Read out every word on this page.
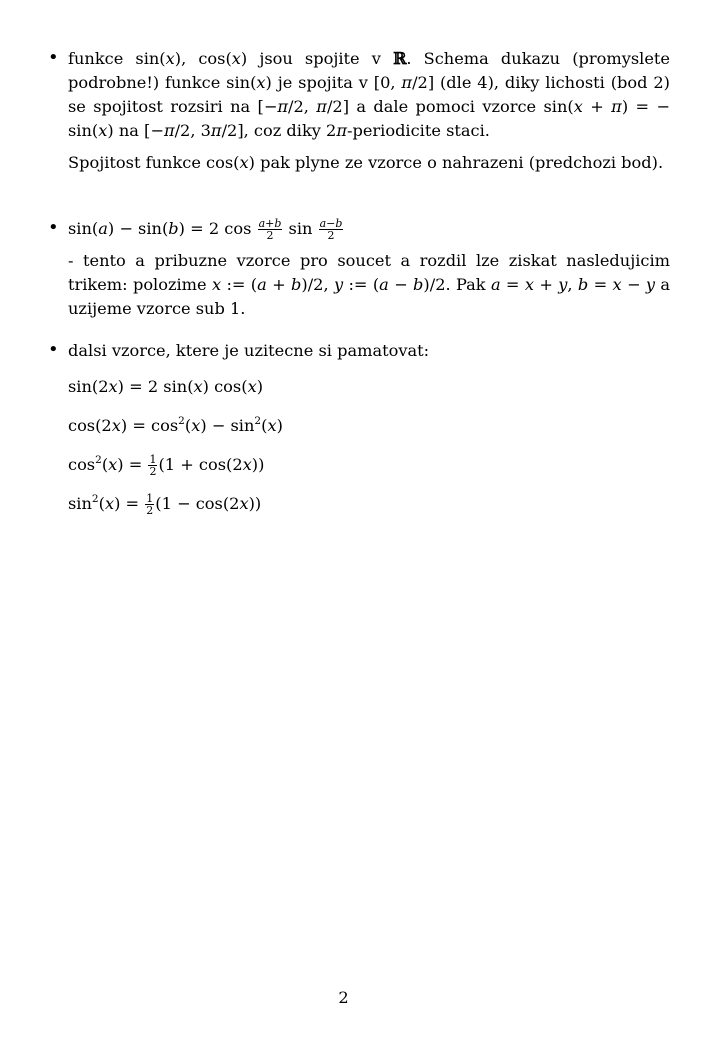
• funkce sin(x), cos(x) jsou spojite v ℝ. Schema dukazu (promyslete podrobne!) funkce sin(x) je spojita v [0, π/2] (dle 4), diky lichosti (bod 2) se spojitost rozsiri na [−π/2, π/2] a dale pomoci vzorce sin(x + π) = − sin(x) na [−π/2, 3π/2], coz diky 2π-periodicite staci.

Spojitost funkce cos(x) pak plyne ze vzorce o nahrazeni (predchozi bod).

• sin(a) − sin(b) = 2 $\cos \frac{a+b}{2}$ $\sin \frac{a-b}{2}$

- tento a pribuzne vzorce pro soucet a rozdil lze ziskat nasledujicim trikem: polozime x := (a + b)/2, y := (a − b)/2. Pak a = x + y, b = x − y a uzijeme vzorce sub 1.

• dalsi vzorce, ktere je uzitecne si pamatovat:

sin(2x) = 2 sin(x) cos(x)

$\cos(2x) = \cos^2(x) - \sin^2(x)$

$\cos^2(x) = \frac{1}{2} (1 + \cos(2x))$

$\sin^2(x) = \frac{1}{2} (1 - \cos(2x))$

2
